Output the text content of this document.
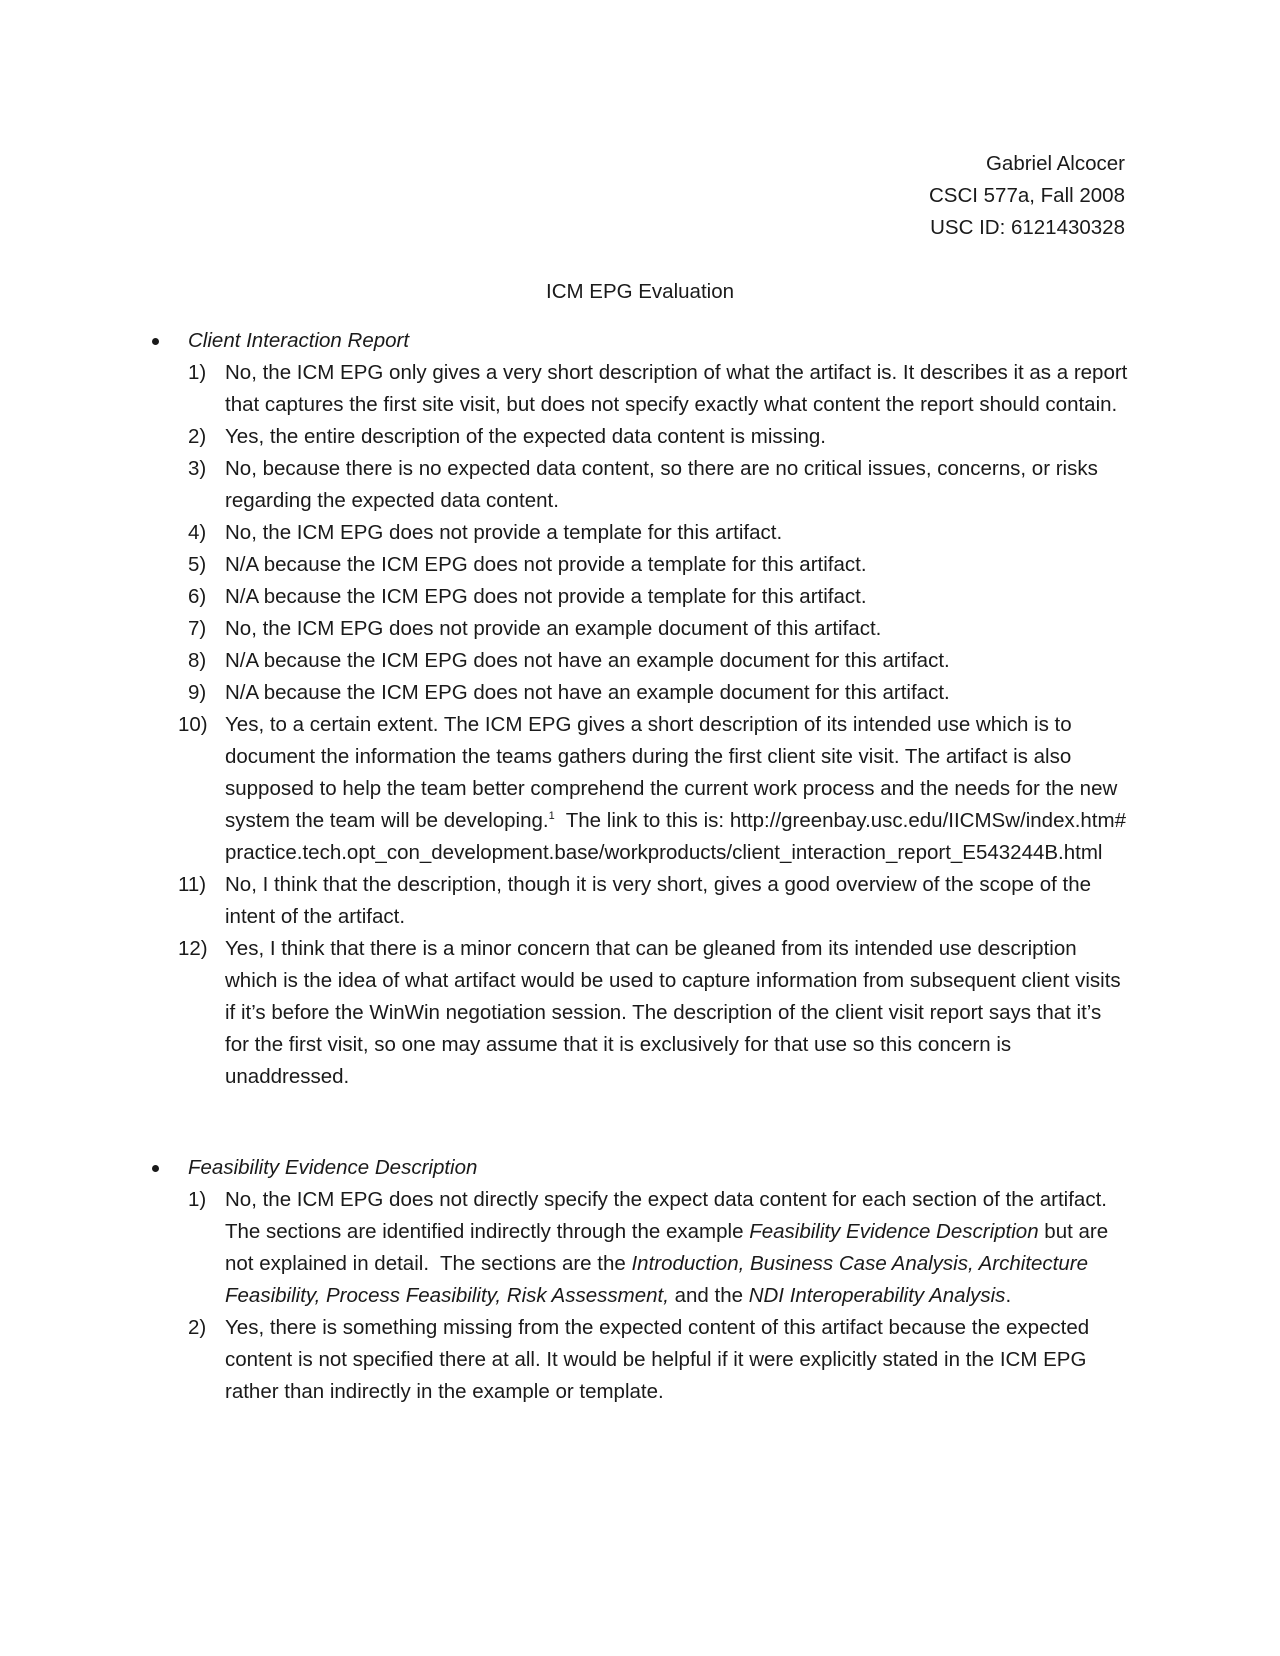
Gabriel Alcocer
CSCI 577a, Fall 2008
USC ID: 6121430328
ICM EPG Evaluation
Client Interaction Report
1) No, the ICM EPG only gives a very short description of what the artifact is. It describes it as a report that captures the first site visit, but does not specify exactly what content the report should contain.
2) Yes, the entire description of the expected data content is missing.
3) No, because there is no expected data content, so there are no critical issues, concerns, or risks regarding the expected data content.
4) No, the ICM EPG does not provide a template for this artifact.
5) N/A because the ICM EPG does not provide a template for this artifact.
6) N/A because the ICM EPG does not provide a template for this artifact.
7) No, the ICM EPG does not provide an example document of this artifact.
8) N/A because the ICM EPG does not have an example document for this artifact.
9) N/A because the ICM EPG does not have an example document for this artifact.
10) Yes, to a certain extent. The ICM EPG gives a short description of its intended use which is to document the information the teams gathers during the first client site visit. The artifact is also supposed to help the team better comprehend the current work process and the needs for the new system the team will be developing.$^1$  The link to this is: http://greenbay.usc.edu/IICMSw/index.htm#practice.tech.opt_con_development.base/workproducts/client_interaction_report_E543244B.html
11) No, I think that the description, though it is very short, gives a good overview of the scope of the intent of the artifact.
12) Yes, I think that there is a minor concern that can be gleaned from its intended use description which is the idea of what artifact would be used to capture information from subsequent client visits if it’s before the WinWin negotiation session. The description of the client visit report says that it’s for the first visit, so one may assume that it is exclusively for that use so this concern is unaddressed.
Feasibility Evidence Description
1) No, the ICM EPG does not directly specify the expect data content for each section of the artifact.  The sections are identified indirectly through the example Feasibility Evidence Description but are not explained in detail.  The sections are the Introduction, Business Case Analysis, Architecture Feasibility, Process Feasibility, Risk Assessment, and the NDI Interoperability Analysis.
2) Yes, there is something missing from the expected content of this artifact because the expected content is not specified there at all. It would be helpful if it were explicitly stated in the ICM EPG rather than indirectly in the example or template.
